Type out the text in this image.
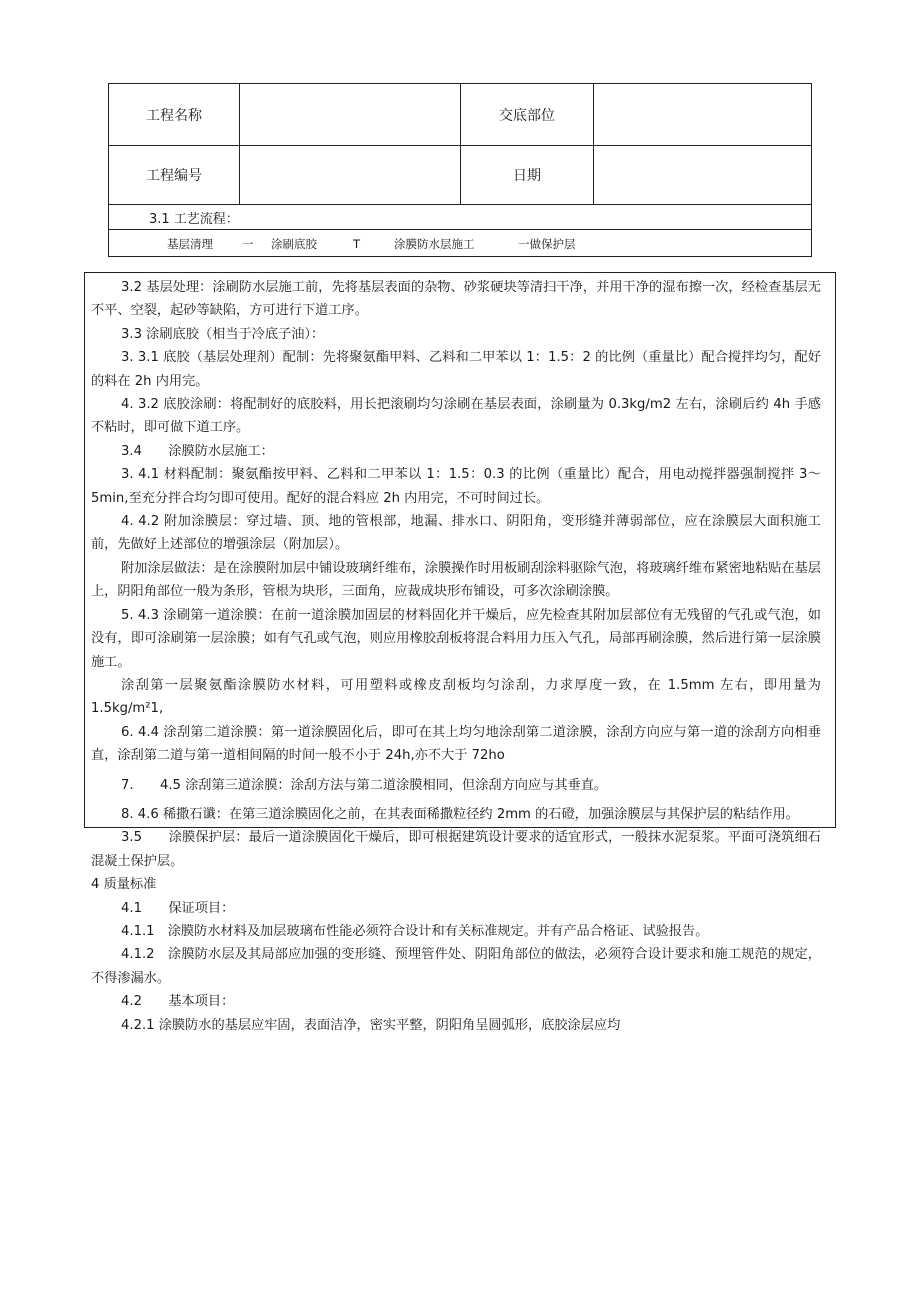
工程名称	交底部位
工程编号	日期
3.1 工艺流程：
基层清理	一 涂刷底胶	T	涂膜防水层施工	一做保护层

3.2 基层处理：涂刷防水层施工前，先将基层表面的杂物、砂浆硬块等清扫干净，并用干净的湿布擦一次，经检查基层无不平、空裂，起砂等缺陷，方可进行下道工序。

3.3 涂刷底胶（相当于冷底子油）：

3. 3.1 底胶（基层处理剂）配制：先将聚氨酯甲料、乙料和二甲苯以 1：1.5：2 的比例（重量比）配合搅拌均匀，配好的料在 2h 内用完。

4. 3.2 底胶涂刷：将配制好的底胶料，用长把滚刷均匀涂刷在基层表面，涂刷量为 0.3kg∕m2 左右，涂刷后约 4h 手感不粘时，即可做下道工序。

3.4　　涂膜防水层施工：

3. 4.1 材料配制：聚氨酯按甲料、乙料和二甲苯以 1：1.5：0.3 的比例（重量比）配合，用电动搅拌器强制搅拌 3～5min,至充分拌合均匀即可使用。配好的混合料应 2h 内用完，不可时间过长。

4. 4.2 附加涂膜层：穿过墙、顶、地的管根部，地漏、排水口、阴阳角，变形缝并薄弱部位，应在涂膜层大面积施工前，先做好上述部位的增强涂层（附加层）。

附加涂层做法：是在涂膜附加层中铺设玻璃纤维布，涂膜操作时用板刷刮涂料驱除气泡，将玻璃纤维布紧密地粘贴在基层上，阴阳角部位一般为条形，管根为块形，三面角，应裁成块形布铺设，可多次涂刷涂膜。

5. 4.3 涂刷第一道涂膜：在前一道涂膜加固层的材料固化并干燥后，应先检查其附加层部位有无残留的气孔或气泡，如没有，即可涂刷第一层涂膜；如有气孔或气泡，则应用橡胶刮板将混合料用力压入气孔，局部再刷涂膜，然后进行第一层涂膜施工。

涂刮第一层聚氨酯涂膜防水材料，可用塑料或橡皮刮板均匀涂刮，力求厚度一致，在 1.5mm 左右，即用量为 1.5kg∕m²1,

6. 4.4 涂刮第二道涂膜：第一道涂膜固化后，即可在其上均匀地涂刮第二道涂膜，涂刮方向应与第一道的涂刮方向相垂直，涂刮第二道与第一道相间隔的时间一般不小于 24h,亦不大于 72ho

7.　　4.5 涂刮第三道涂膜：涂刮方法与第二道涂膜相同，但涂刮方向应与其垂直。

8. 4.6 稀撒石谶：在第三道涂膜固化之前，在其表面稀撒粒径约 2mm 的石磴，加强涂膜层与其保护层的粘结作用。

3.5　　涂膜保护层：最后一道涂膜固化干燥后，即可根据建筑设计要求的适宜形式，一般抹水泥泵浆。平面可浇筑细石混凝土保护层。

4 质量标准

4.1　　保证项目：

4.1.1　涂膜防水材料及加层玻璃布性能必须符合设计和有关标准规定。并有产品合格证、试验报告。

4.1.2　涂膜防水层及其局部应加强的变形缝、预埋管件处、阴阳角部位的做法，必须符合设计要求和施工规范的规定，不得渗漏水。

4.2　　基本项目：

4.2.1 涂膜防水的基层应牢固，表面洁净，密实平整，阴阳角呈圆弧形，底胶涂层应均
